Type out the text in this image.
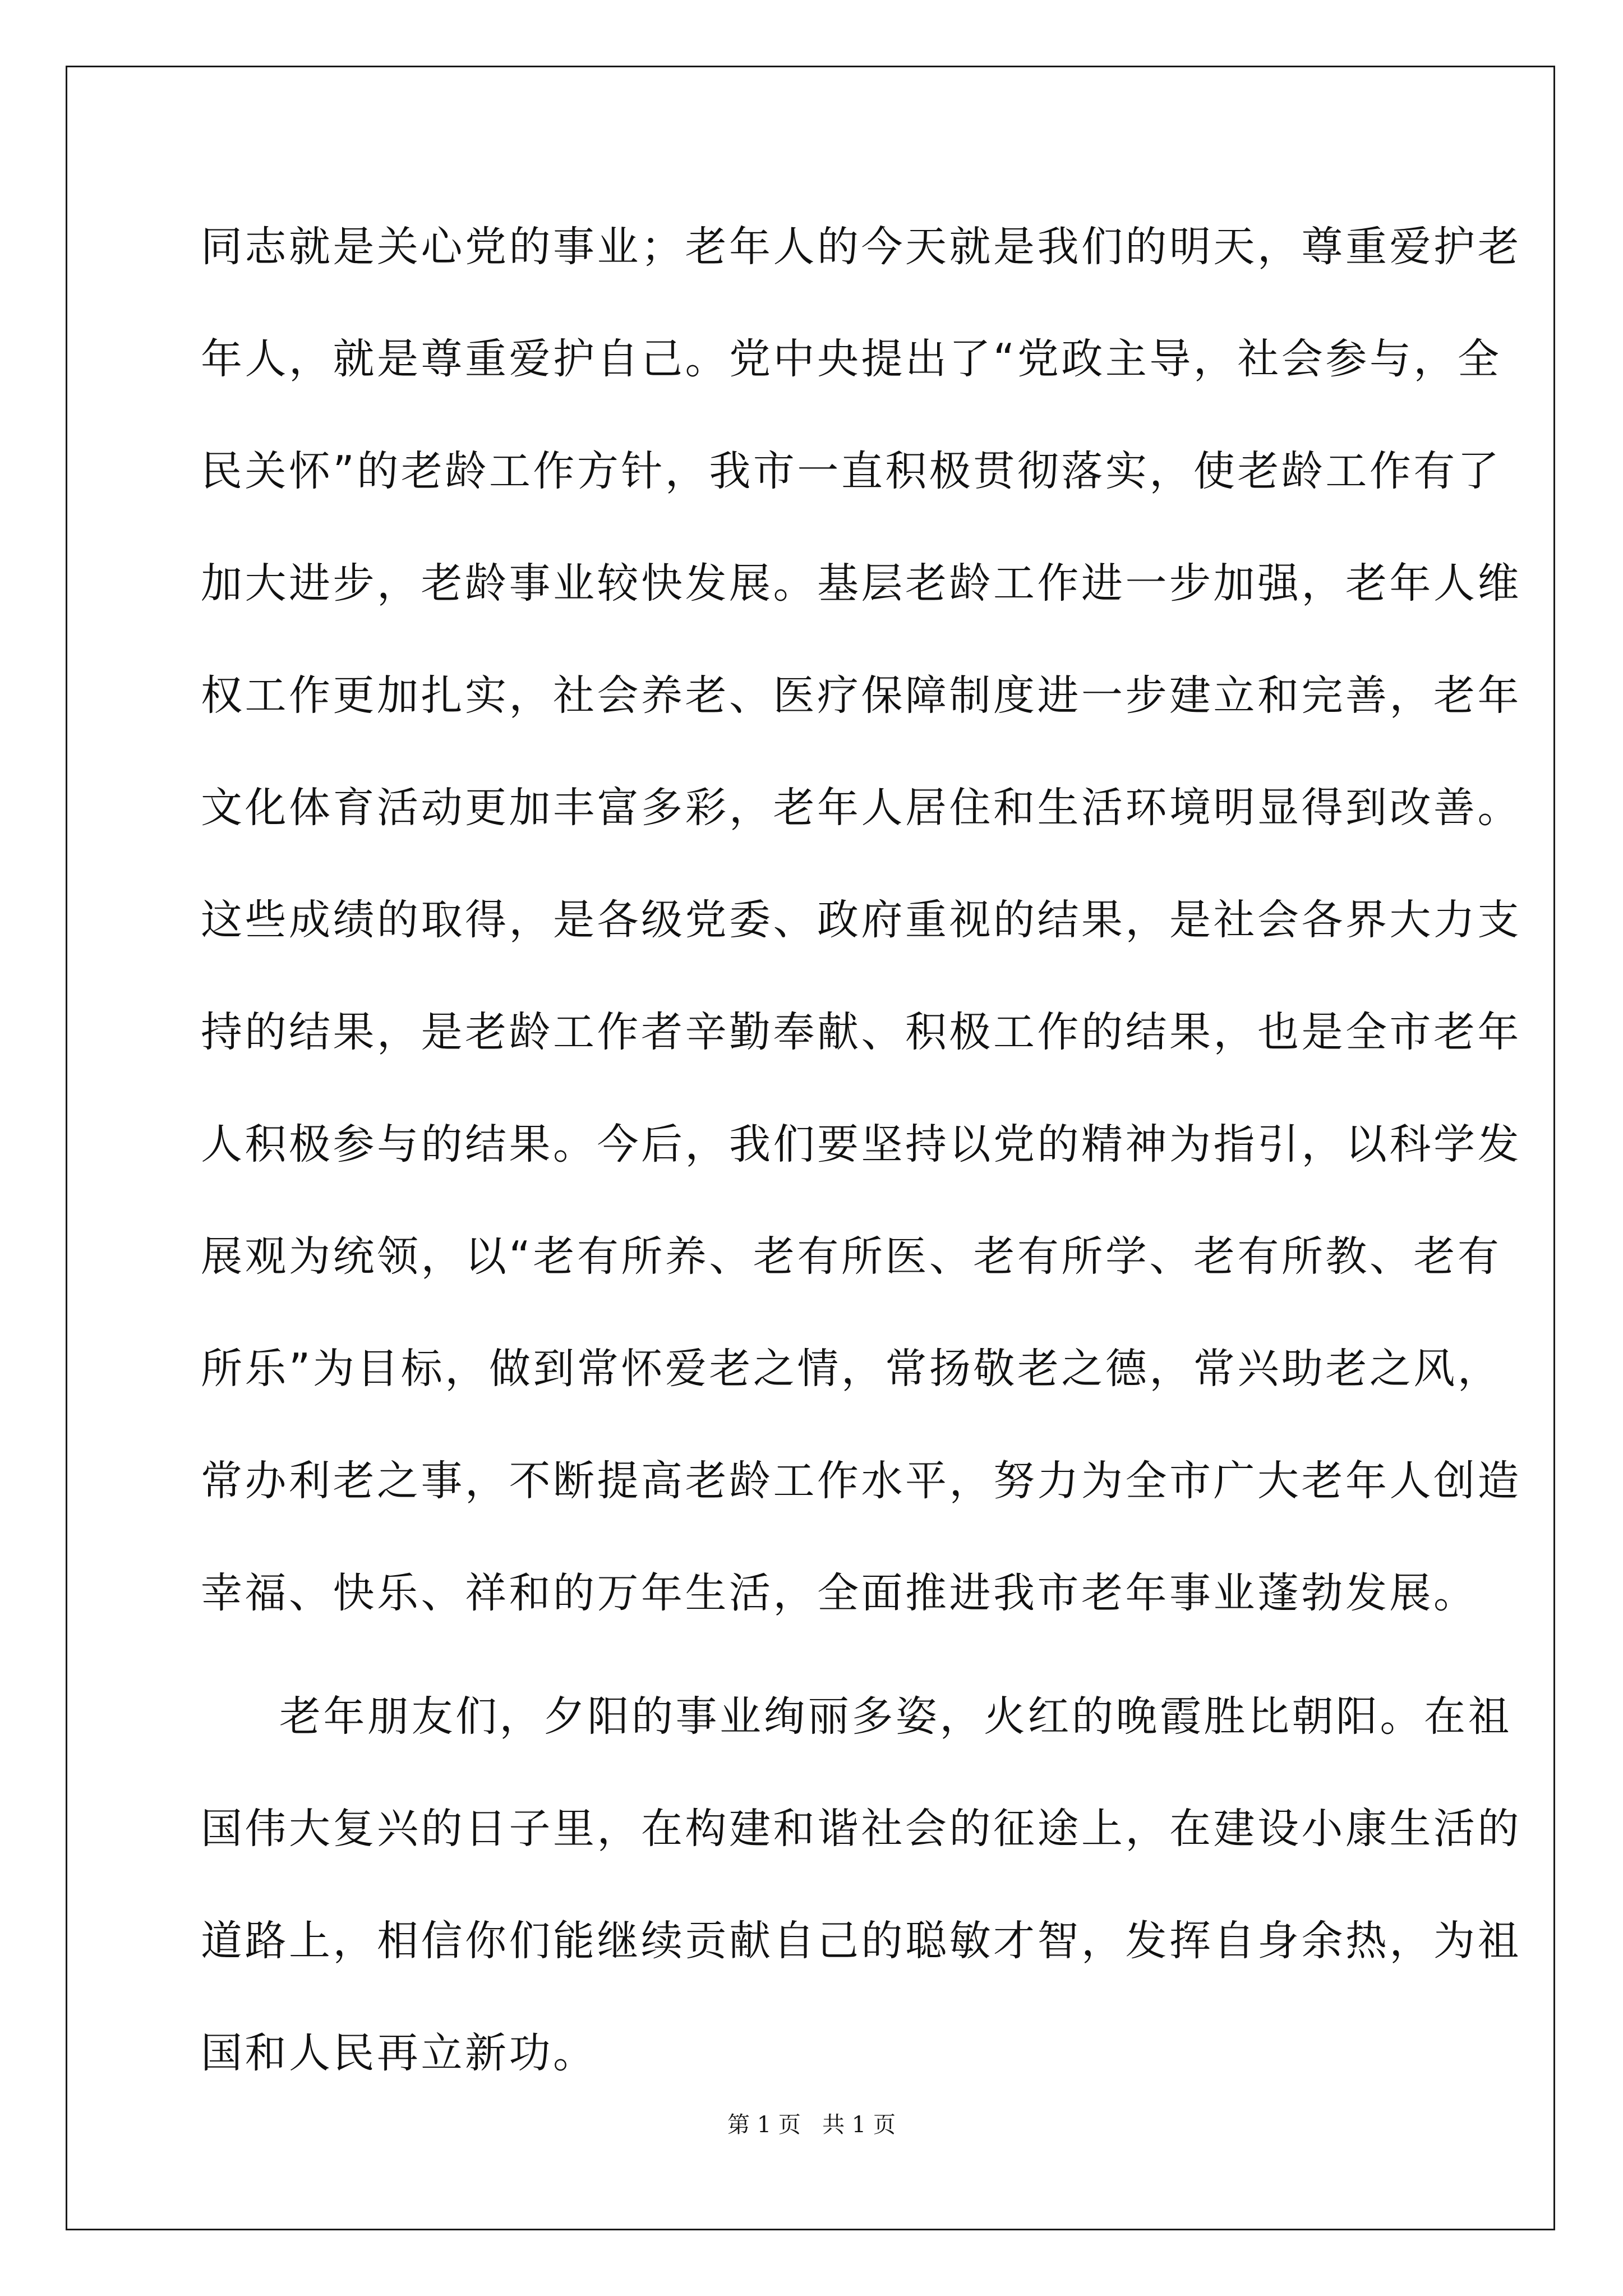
同志就是关心党的事业；老年人的今天就是我们的明天，尊重爱护老
年人，就是尊重爱护自己。党中央提出了“党政主导，社会参与，全
民关怀”的老龄工作方针，我市一直积极贯彻落实，使老龄工作有了
加大进步，老龄事业较快发展。基层老龄工作进一步加强，老年人维
权工作更加扎实，社会养老、医疗保障制度进一步建立和完善，老年
文化体育活动更加丰富多彩，老年人居住和生活环境明显得到改善。
这些成绩的取得，是各级党委、政府重视的结果，是社会各界大力支
持的结果，是老龄工作者辛勤奉献、积极工作的结果，也是全市老年
人积极参与的结果。今后，我们要坚持以党的精神为指引，以科学发
展观为统领，以“老有所养、老有所医、老有所学、老有所教、老有
所乐”为目标，做到常怀爱老之情，常扬敬老之德，常兴助老之风，
常办利老之事，不断提高老龄工作水平，努力为全市广大老年人创造
幸福、快乐、祥和的万年生活，全面推进我市老年事业蓬勃发展。
老年朋友们，夕阳的事业绚丽多姿，火红的晚霞胜比朝阳。在祖
国伟大复兴的日子里，在构建和谐社会的征途上，在建设小康生活的
道路上，相信你们能继续贡献自己的聪敏才智，发挥自身余热，为祖
国和人民再立新功。
第 1 页   共 1 页
